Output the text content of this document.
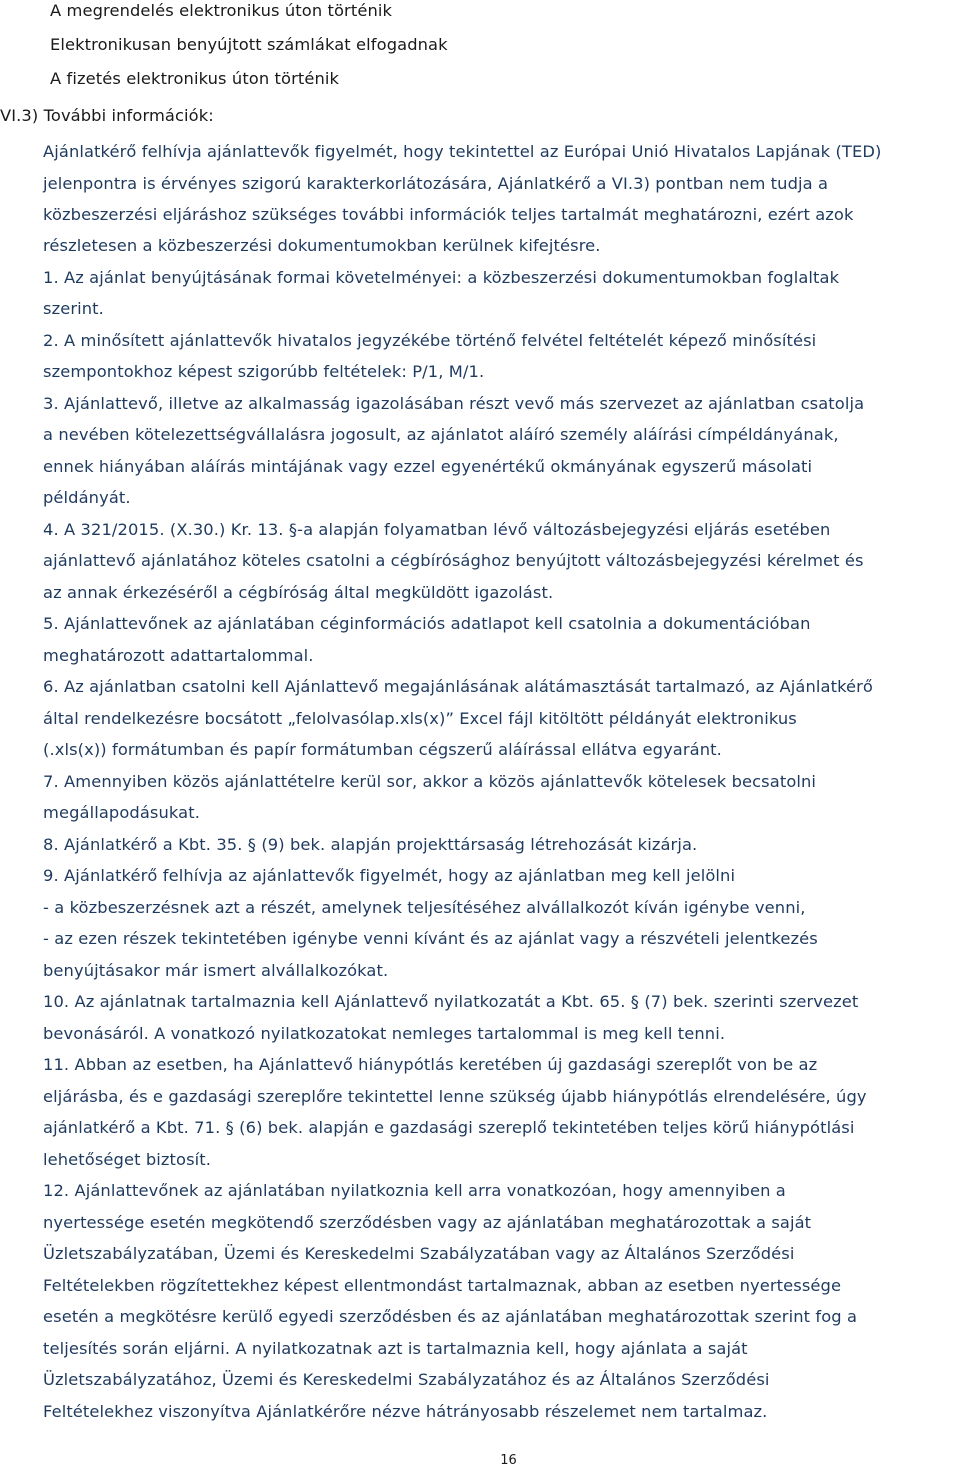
A megrendelés elektronikus úton történik
Elektronikusan benyújtott számlákat elfogadnak
A fizetés elektronikus úton történik
VI.3) További információk:
Ajánlatkérő felhívja ajánlattevők figyelmét, hogy tekintettel az Európai Unió Hivatalos Lapjának (TED)
jelenpontra is érvényes szigorú karakterkorlátozására, Ajánlatkérő a VI.3) pontban nem tudja a
közbeszerzési eljáráshoz szükséges további információk teljes tartalmát meghatározni, ezért azok
részletesen a közbeszerzési dokumentumokban kerülnek kifejtésre.
1. Az ajánlat benyújtásának formai követelményei: a közbeszerzési dokumentumokban foglaltak
szerint.
2. A minősített ajánlattevők hivatalos jegyzékébe történő felvétel feltételét képező minősítési
szempontokhoz képest szigorúbb feltételek: P/1, M/1.
3. Ajánlattevő, illetve az alkalmasság igazolásában részt vevő más szervezet az ajánlatban csatolja
a nevében kötelezettségvállalásra jogosult, az ajánlatot aláíró személy aláírási címpéldányának,
ennek hiányában aláírás mintájának vagy ezzel egyenértékű okmányának egyszerű másolati
példányát.
4. A 321/2015. (X.30.) Kr. 13. §-a alapján folyamatban lévő változásbejegyzési eljárás esetében
ajánlattevő ajánlatához köteles csatolni a cégbírósághoz benyújtott változásbejegyzési kérelmet és
az annak érkezéséről a cégbíróság által megküldött igazolást.
5. Ajánlattevőnek az ajánlatában céginformációs adatlapot kell csatolnia a dokumentációban
meghatározott adattartalommal.
6. Az ajánlatban csatolni kell Ajánlattevő megajánlásának alátámasztását tartalmazó, az Ajánlatkérő
által rendelkezésre bocsátott „felolvasólap.xls(x)” Excel fájl kitöltött példányát elektronikus
(.xls(x)) formátumban és papír formátumban cégszerű aláírással ellátva egyaránt.
7. Amennyiben közös ajánlattételre kerül sor, akkor a közös ajánlattevők kötelesek becsatolni
megállapodásukat.
8. Ajánlatkérő a Kbt. 35. § (9) bek. alapján projekttársaság létrehozását kizárja.
9. Ajánlatkérő felhívja az ajánlattevők figyelmét, hogy az ajánlatban meg kell jelölni
- a közbeszerzésnek azt a részét, amelynek teljesítéséhez alvállalkozót kíván igénybe venni,
- az ezen részek tekintetében igénybe venni kívánt és az ajánlat vagy a részvételi jelentkezés
benyújtásakor már ismert alvállalkozókat.
10. Az ajánlatnak tartalmaznia kell Ajánlattevő nyilatkozatát a Kbt. 65. § (7) bek. szerinti szervezet
bevonásáról. A vonatkozó nyilatkozatokat nemleges tartalommal is meg kell tenni.
11. Abban az esetben, ha Ajánlattevő hiánypótlás keretében új gazdasági szereplőt von be az
eljárásba, és e gazdasági szereplőre tekintettel lenne szükség újabb hiánypótlás elrendelésére, úgy
ajánlatkérő a Kbt. 71. § (6) bek. alapján e gazdasági szereplő tekintetében teljes körű hiánypótlási
lehetőséget biztosít.
12. Ajánlattevőnek az ajánlatában nyilatkoznia kell arra vonatkozóan, hogy amennyiben a
nyertessége esetén megkötendő szerződésben vagy az ajánlatában meghatározottak a saját
Üzletszabályzatában, Üzemi és Kereskedelmi Szabályzatában vagy az Általános Szerződési
Feltételekben rögzítettekhez képest ellentmondást tartalmaznak, abban az esetben nyertessége
esetén a megkötésre kerülő egyedi szerződésben és az ajánlatában meghatározottak szerint fog a
teljesítés során eljárni. A nyilatkozatnak azt is tartalmaznia kell, hogy ajánlata a saját
Üzletszabályzatához, Üzemi és Kereskedelmi Szabályzatához és az Általános Szerződési
Feltételekhez viszonyítva Ajánlatkérőre nézve hátrányosabb részelemet nem tartalmaz.
16
